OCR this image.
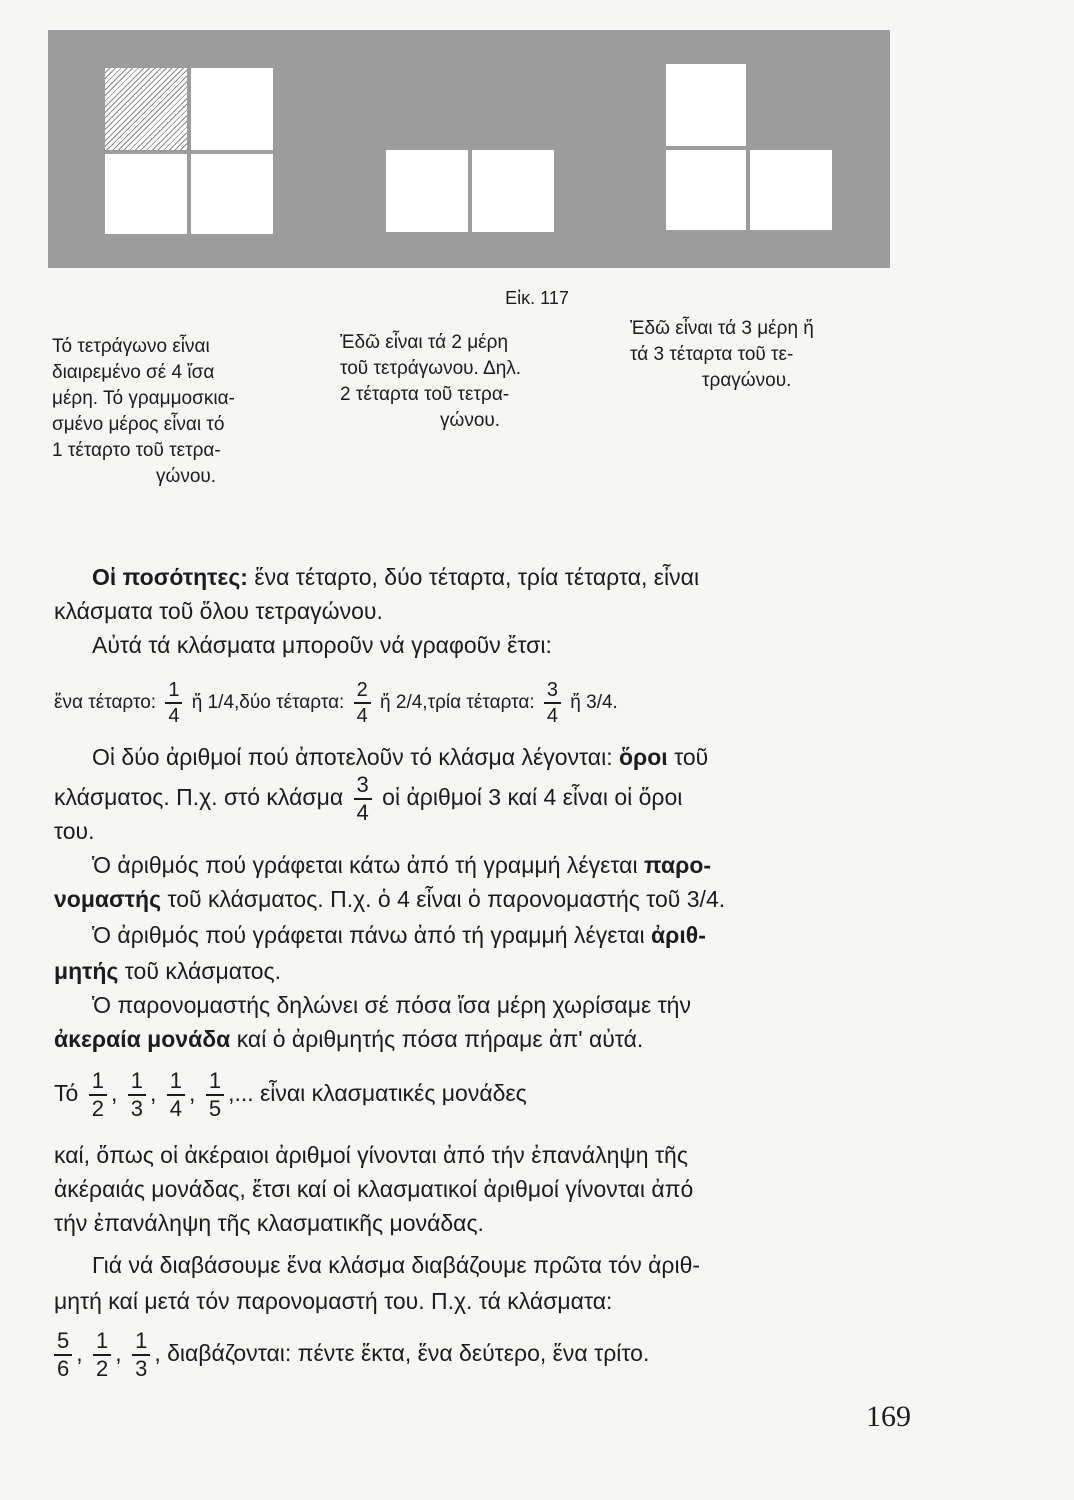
Εἰκ. 117
Τό τετράγωνο εἶναι
διαιρεμένο σέ 4 ἴσα
μέρη. Τό γραμμοσκια-
σμένο μέρος εἶναι τό
1 τέταρτο τοῦ τετρα-
γώνου.
Ἐδῶ εἶναι τά 2 μέρη
τοῦ τετράγωνου. Δηλ.
2 τέταρτα τοῦ τετρα-
γώνου.
Ἐδῶ εἶναι τά 3 μέρη ἤ
τά 3 τέταρτα τοῦ τε-
τραγώνου.
Οἱ ποσότητες: ἕνα τέταρτο, δύο τέταρτα, τρία τέταρτα, εἶναι
κλάσματα τοῦ ὅλου τετραγώνου.
Αὐτά τά κλάσματα μποροῦν νά γραφοῦν ἔτσι:
ἕνα τέταρτο: $\frac{1}{4}$ ἤ 1/4,δύο τέταρτα: $\frac{2}{4}$ ἤ 2/4,τρία τέταρτα: $\frac{3}{4}$ ἤ 3/4.
Οἱ δύο ἀριθμοί πού ἀποτελοῦν τό κλάσμα λέγονται: ὅροι τοῦ
κλάσματος. Π.χ. στό κλάσμα $\frac{3}{4}$ οἱ ἀριθμοί 3 καί 4 εἶναι οἱ ὅροι
του.
Ὁ ἀριθμός πού γράφεται κάτω ἀπό τή γραμμή λέγεται παρο-
νομαστής τοῦ κλάσματος. Π.χ. ὁ 4 εἶναι ὁ παρονομαστής τοῦ 3/4.
Ὁ ἀριθμός πού γράφεται πάνω ἀπό τή γραμμή λέγεται ἀριθ-
μητής τοῦ κλάσματος.
Ὁ παρονομαστής δηλώνει σέ πόσα ἴσα μέρη χωρίσαμε τήν
ἀκεραία μονάδα καί ὁ ἀριθμητής πόσα πήραμε ἀπ' αὐτά.
Τό $\frac{1}{2}$ , $\frac{1}{3}$ , $\frac{1}{4}$ , $\frac{1}{5}$ ,... εἶναι κλασματικές μονάδες
καί, ὅπως οἱ ἀκέραιοι ἀριθμοί γίνονται ἀπό τήν ἐπανάληψη τῆς
ἀκέραιάς μονάδας, ἔτσι καί οἱ κλασματικοί ἀριθμοί γίνονται ἀπό
τήν ἐπανάληψη τῆς κλασματικῆς μονάδας.
Γιά νά διαβάσουμε ἕνα κλάσμα διαβάζουμε πρῶτα τόν ἀριθ-
μητή καί μετά τόν παρονομαστή του. Π.χ. τά κλάσματα:
$\frac{5}{6}$ , $\frac{1}{2}$ , $\frac{1}{3}$ , διαβάζονται: πέντε ἕκτα, ἕνα δεύτερο, ἕνα τρίτο.
169
